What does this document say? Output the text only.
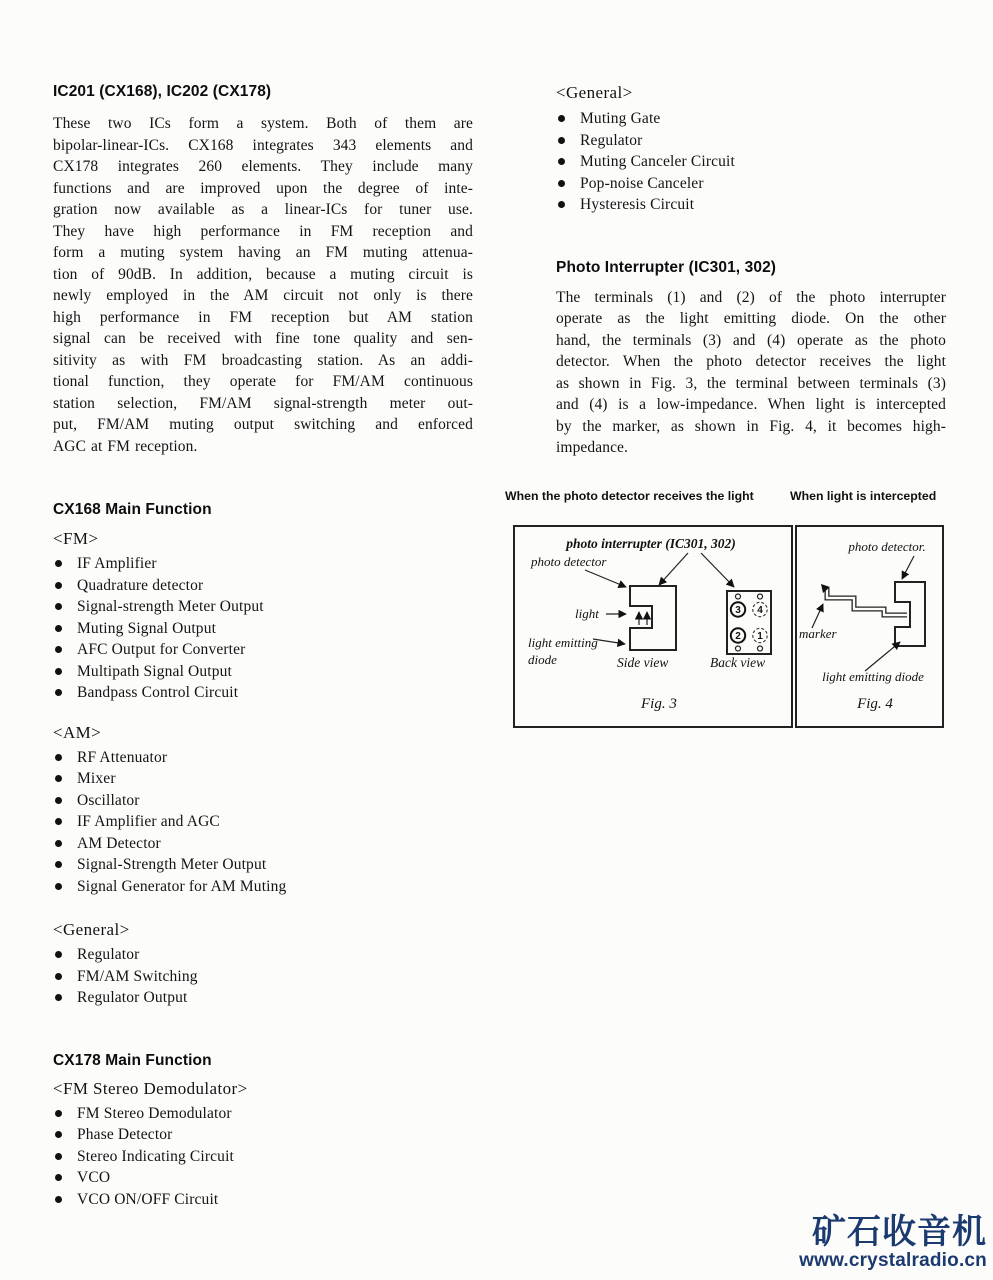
IC201 (CX168), IC202 (CX178)
These two ICs form a system. Both of them are
bipolar-linear-ICs. CX168 integrates 343 elements and
CX178 integrates 260 elements. They include many
functions and are improved upon the degree of inte-
gration now available as a linear-ICs for tuner use.
They have high performance in FM reception and
form a muting system having an FM muting attenua-
tion of 90dB. In addition, because a muting circuit is
newly employed in the AM circuit not only is there
high performance in FM reception but AM station
signal can be received with fine tone quality and sen-
sitivity as with FM broadcasting station. As an addi-
tional function, they operate for FM/AM continuous
station selection, FM/AM signal-strength meter out-
put, FM/AM muting output switching and enforced
AGC at FM reception.
CX168 Main Function
<FM>
IF Amplifier
Quadrature detector
Signal-strength Meter Output
Muting Signal Output
AFC Output for Converter
Multipath Signal Output
Bandpass Control Circuit
<AM>
RF Attenuator
Mixer
Oscillator
IF Amplifier and AGC
AM Detector
Signal-Strength Meter Output
Signal Generator for AM Muting
<General>
Regulator
FM/AM Switching
Regulator Output
CX178 Main Function
<FM Stereo Demodulator>
FM Stereo Demodulator
Phase Detector
Stereo Indicating Circuit
VCO
VCO ON/OFF Circuit
<General>
Muting Gate
Regulator
Muting Canceler Circuit
Pop-noise Canceler
Hysteresis Circuit
Photo Interrupter (IC301, 302)
The terminals (1) and (2) of the photo interrupter
operate as the light emitting diode. On the other
hand, the terminals (3) and (4) operate as the photo
detector. When the photo detector receives the light
as shown in Fig. 3, the terminal between terminals (3)
and (4) is a low-impedance. When light is intercepted
by the marker, as shown in Fig. 4, it becomes high-
impedance.
When the photo detector receives the light	When light is intercepted
photo interrupter (IC301, 302)
photo detector
light
light emitting
diode	Side view
3 4
2 1
Back view
Fig. 3
photo detector.
marker
light emitting diode
Fig. 4
矿石收音机
www.crystalradio.cn
